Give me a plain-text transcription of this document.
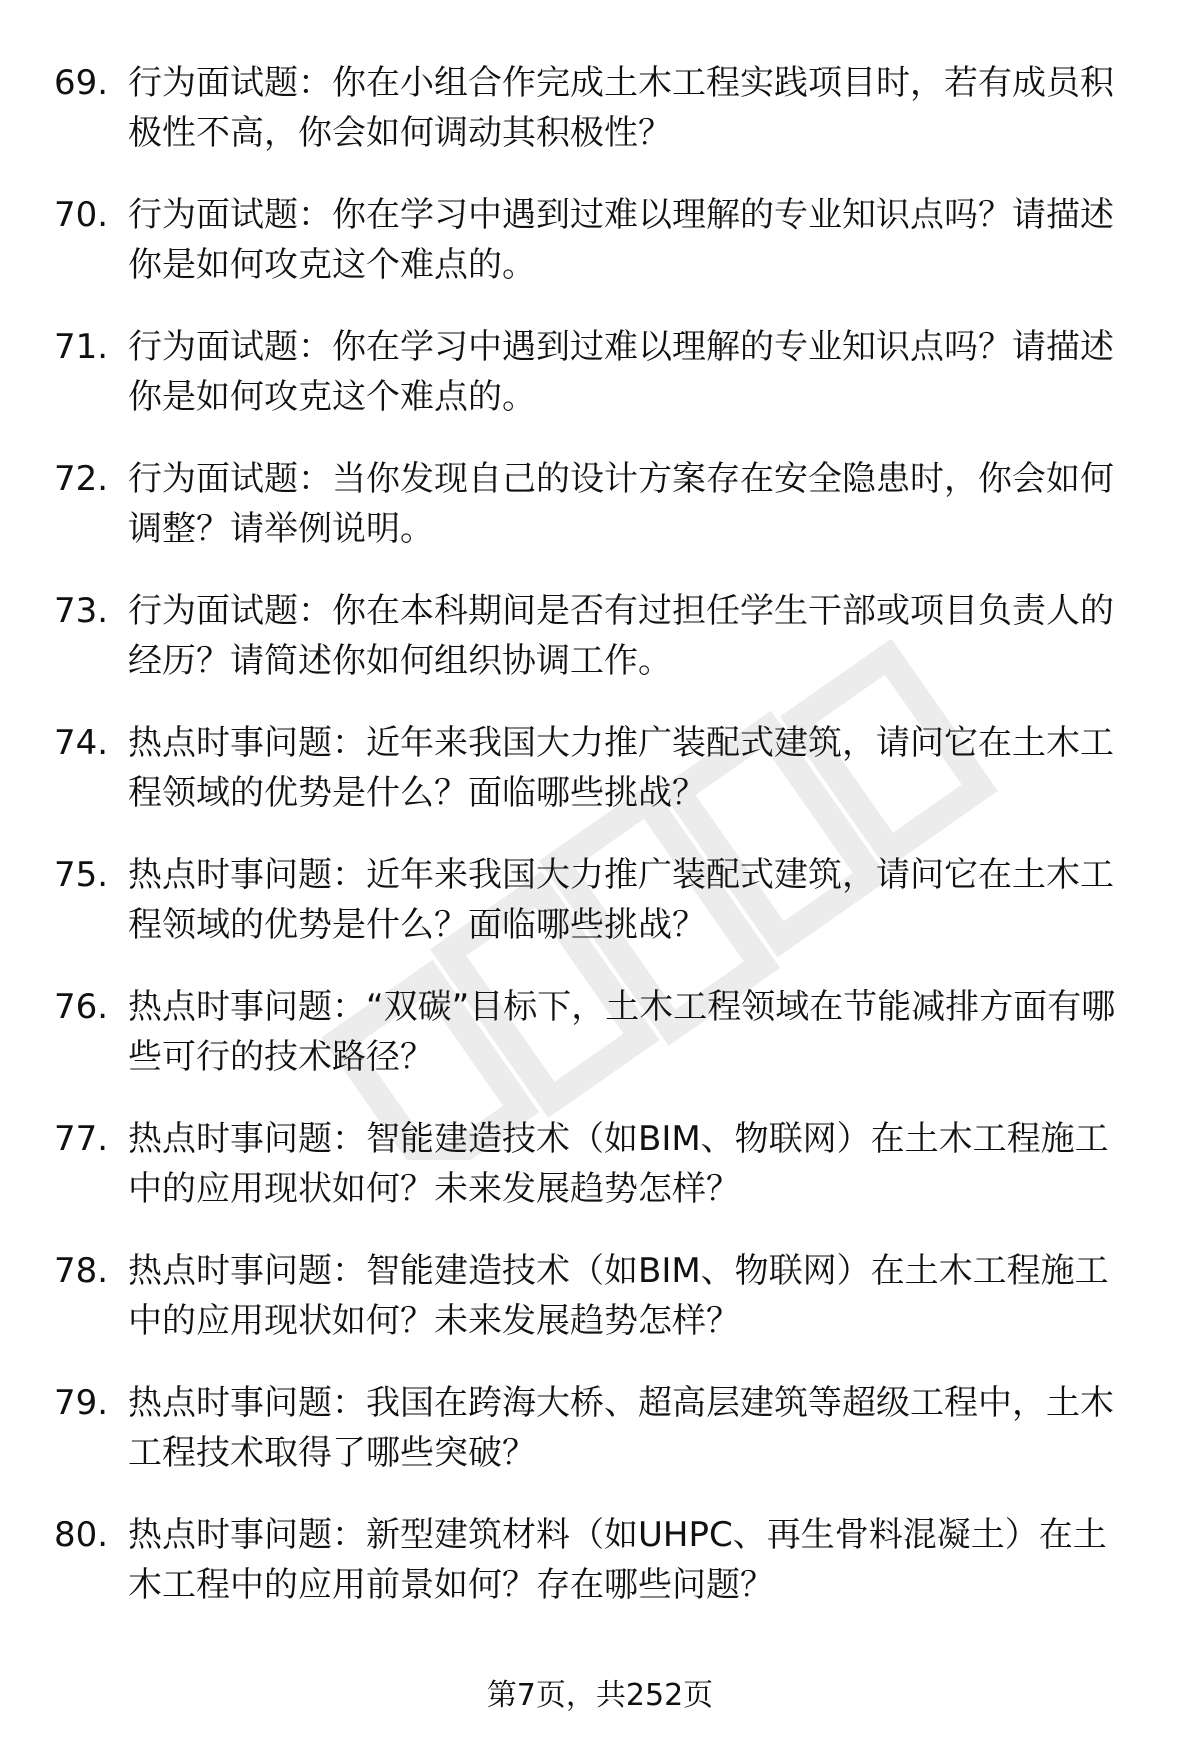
69. 行为面试题：你在小组合作完成土木工程实践项目时，若有成员积极性不高，你会如何调动其积极性？
70. 行为面试题：你在学习中遇到过难以理解的专业知识点吗？请描述你是如何攻克这个难点的。
71. 行为面试题：你在学习中遇到过难以理解的专业知识点吗？请描述你是如何攻克这个难点的。
72. 行为面试题：当你发现自己的设计方案存在安全隐患时，你会如何调整？请举例说明。
73. 行为面试题：你在本科期间是否有过担任学生干部或项目负责人的经历？请简述你如何组织协调工作。
74. 热点时事问题：近年来我国大力推广装配式建筑，请问它在土木工程领域的优势是什么？面临哪些挑战？
75. 热点时事问题：近年来我国大力推广装配式建筑，请问它在土木工程领域的优势是什么？面临哪些挑战？
76. 热点时事问题：“双碳”目标下，土木工程领域在节能减排方面有哪些可行的技术路径？
77. 热点时事问题：智能建造技术（如BIM、物联网）在土木工程施工中的应用现状如何？未来发展趋势怎样？
78. 热点时事问题：智能建造技术（如BIM、物联网）在土木工程施工中的应用现状如何？未来发展趋势怎样？
79. 热点时事问题：我国在跨海大桥、超高层建筑等超级工程中，土木工程技术取得了哪些突破？
80. 热点时事问题：新型建筑材料（如UHPC、再生骨料混凝土）在土木工程中的应用前景如何？存在哪些问题？
第7页，共252页
